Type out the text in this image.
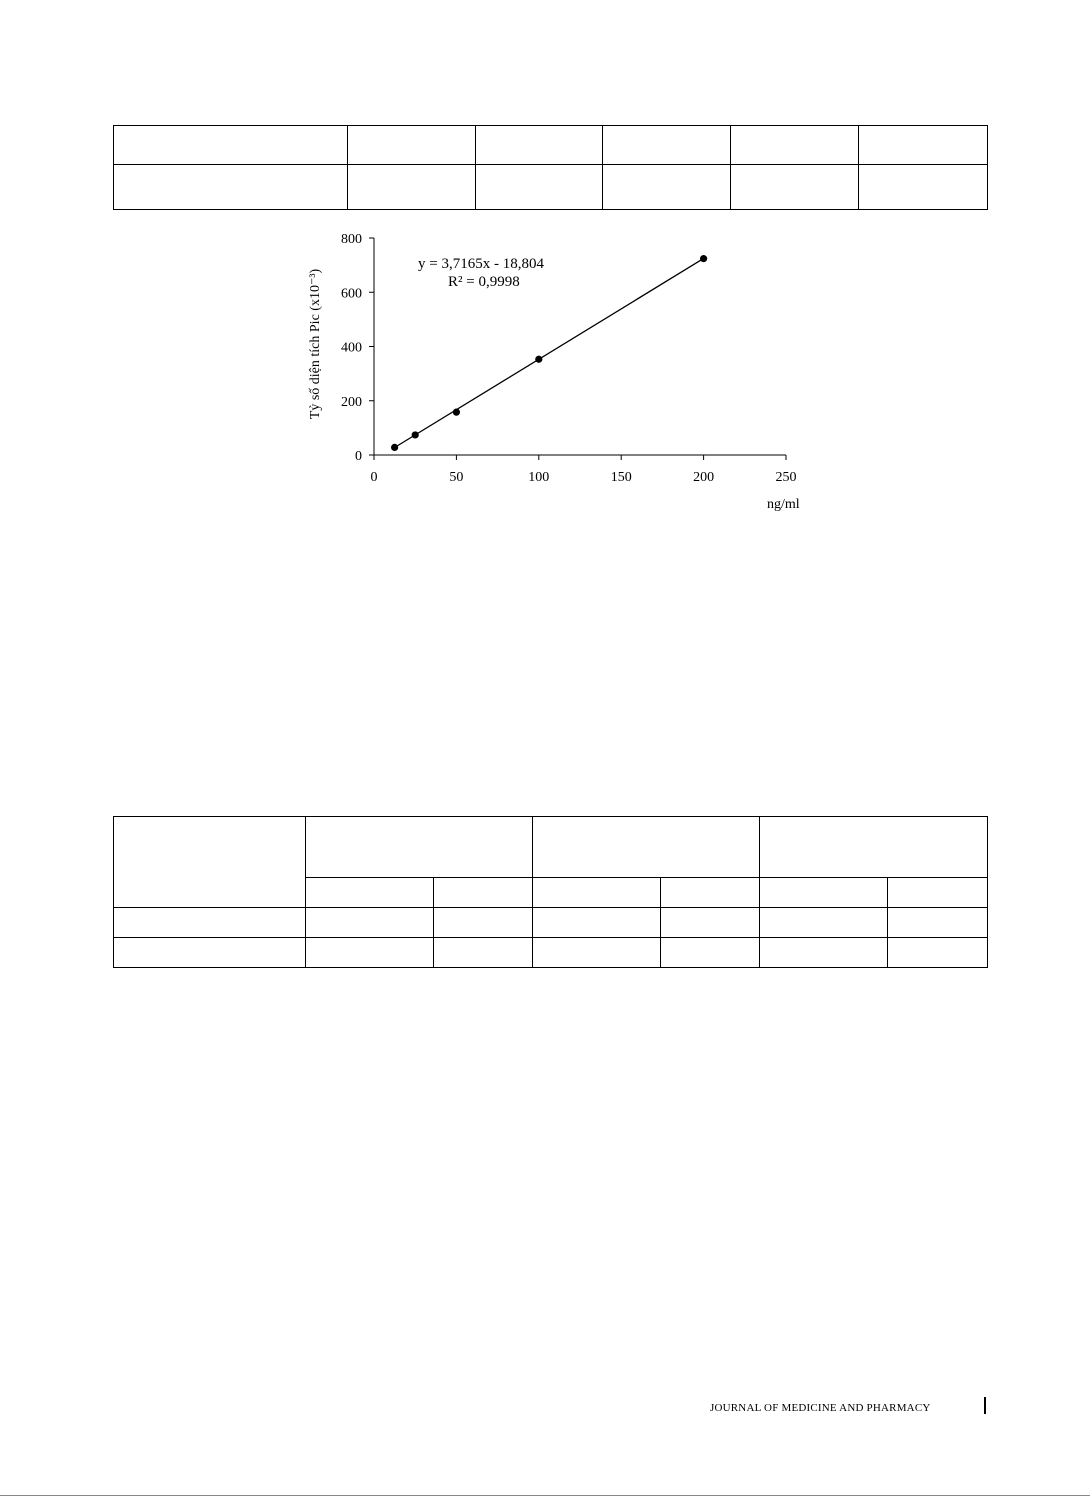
0
200
400
600
800
0	50	100	150	200	250
y = 3,7165x - 18,804
R² = 0,9998
ng/ml
Tỷ số diện tích Pic (x10⁻³)

JOURNAL OF MEDICINE AND PHARMACY
